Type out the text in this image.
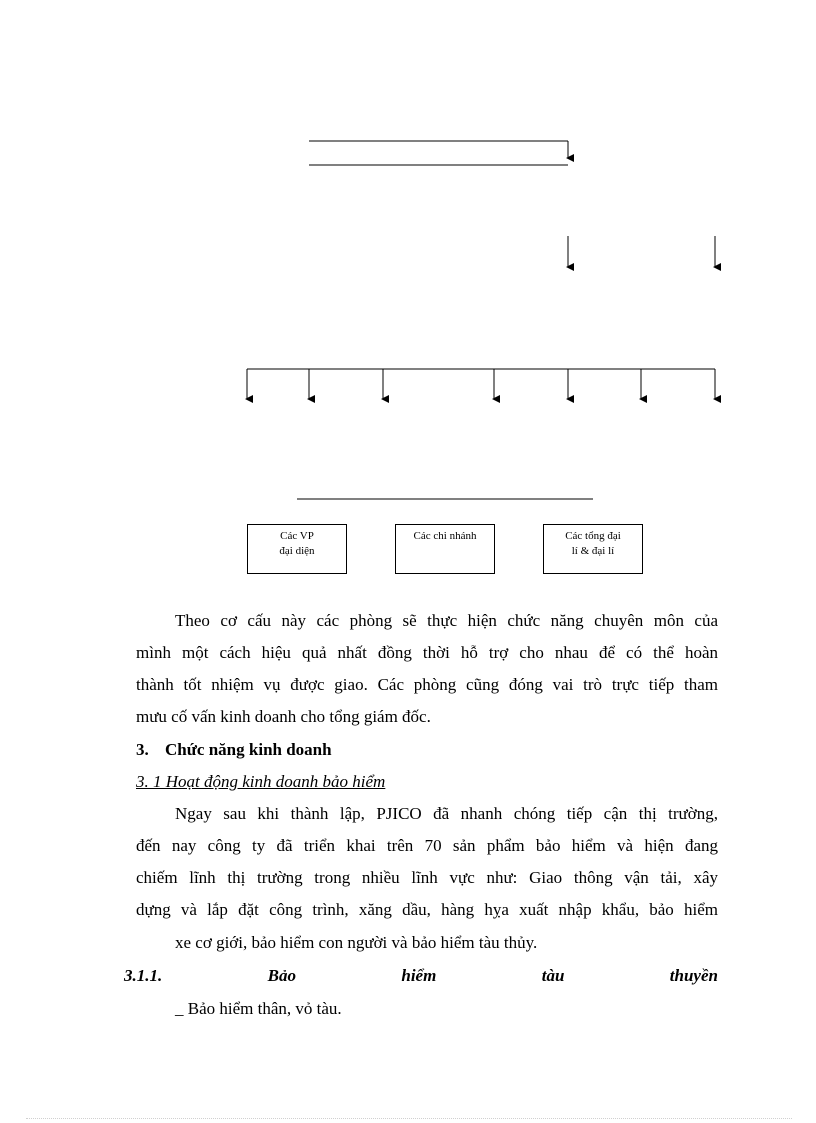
Các VP
đại diện
Các chi nhánh	Các tổng đại
lí & đại lí
Theo cơ cấu này các phòng sẽ thực hiện chức năng chuyên môn của
mình một cách hiệu quả nhất đồng thời hỗ trợ cho nhau để có thể hoàn
thành tốt nhiệm vụ được giao. Các phòng cũng đóng vai trò trực tiếp tham
mưu cố vấn kinh doanh cho tổng giám đốc.
3. Chức năng kinh doanh
3. 1 Hoạt động kinh doanh bảo hiểm
Ngay sau khi thành lập, PJICO đã nhanh chóng tiếp cận thị trường,
đến nay công ty đã triển khai trên 70 sản phẩm bảo hiểm và hiện đang
chiếm lĩnh thị trường trong nhiều lĩnh vực như: Giao thông vận tải, xây
dựng và lắp đặt công trình, xăng dầu, hàng hỵa xuất nhập khẩu, bảo hiểm
xe cơ giới, bảo hiểm con người và bảo hiểm tàu thủy.
3.1.1.	Bảo	hiểm	tàu	thuyền
_ Bảo hiểm thân, vỏ tàu.
